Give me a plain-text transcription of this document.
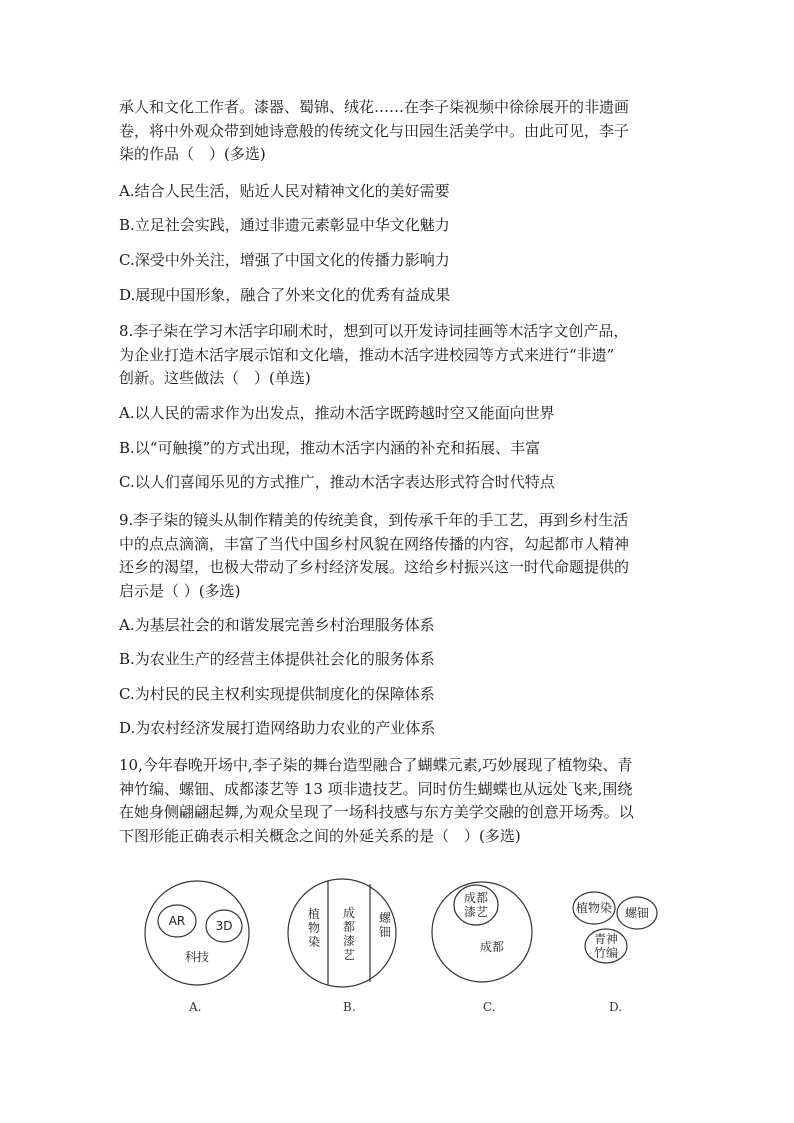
承人和文化工作者。漆器、蜀锦、绒花……在李子柒视频中徐徐展开的非遗画
卷，将中外观众带到她诗意般的传统文化与田园生活美学中。由此可见，李子
柒的作品（　）(多选)
A.结合人民生活，贴近人民对精神文化的美好需要
B.立足社会实践，通过非遗元素彰显中华文化魅力
C.深受中外关注，增强了中国文化的传播力影响力
D.展现中国形象，融合了外来文化的优秀有益成果
8.李子柒在学习木活字印刷术时，想到可以开发诗词挂画等木活字文创产品，
为企业打造木活字展示馆和文化墙，推动木活字进校园等方式来进行“非遗”
创新。这些做法（　）(单选)
A.以人民的需求作为出发点，推动木活字既跨越时空又能面向世界
B.以“可触摸”的方式出现，推动木活字内涵的补充和拓展、丰富
C.以人们喜闻乐见的方式推广，推动木活字表达形式符合时代特点
9.李子柒的镜头从制作精美的传统美食，到传承千年的手工艺，再到乡村生活
中的点点滴滴，丰富了当代中国乡村风貌在网络传播的内容，勾起都市人精神
还乡的渴望，也极大带动了乡村经济发展。这给乡村振兴这一时代命题提供的
启示是（ ）(多选)
A.为基层社会的和谐发展完善乡村治理服务体系
B.为农业生产的经营主体提供社会化的服务体系
C.为村民的民主权利实现提供制度化的保障体系
D.为农村经济发展打造网络助力农业的产业体系
10,今年春晚开场中,李子柒的舞台造型融合了蝴蝶元素,巧妙展现了植物染、青
神竹编、螺钿、成都漆艺等 13 项非遗技艺。同时仿生蝴蝶也从远处飞来,围绕
在她身侧翩翩起舞,为观众呈现了一场科技感与东方美学交融的创意开场秀。以
下图形能正确表示相关概念之间的外延关系的是（　）(多选)
AR	3D
科技
植
物
染
成
都
漆
艺
螺
钿
成都
漆艺
成都
植物染 螺钿
青神
竹编
A.	B.	C.	D.
